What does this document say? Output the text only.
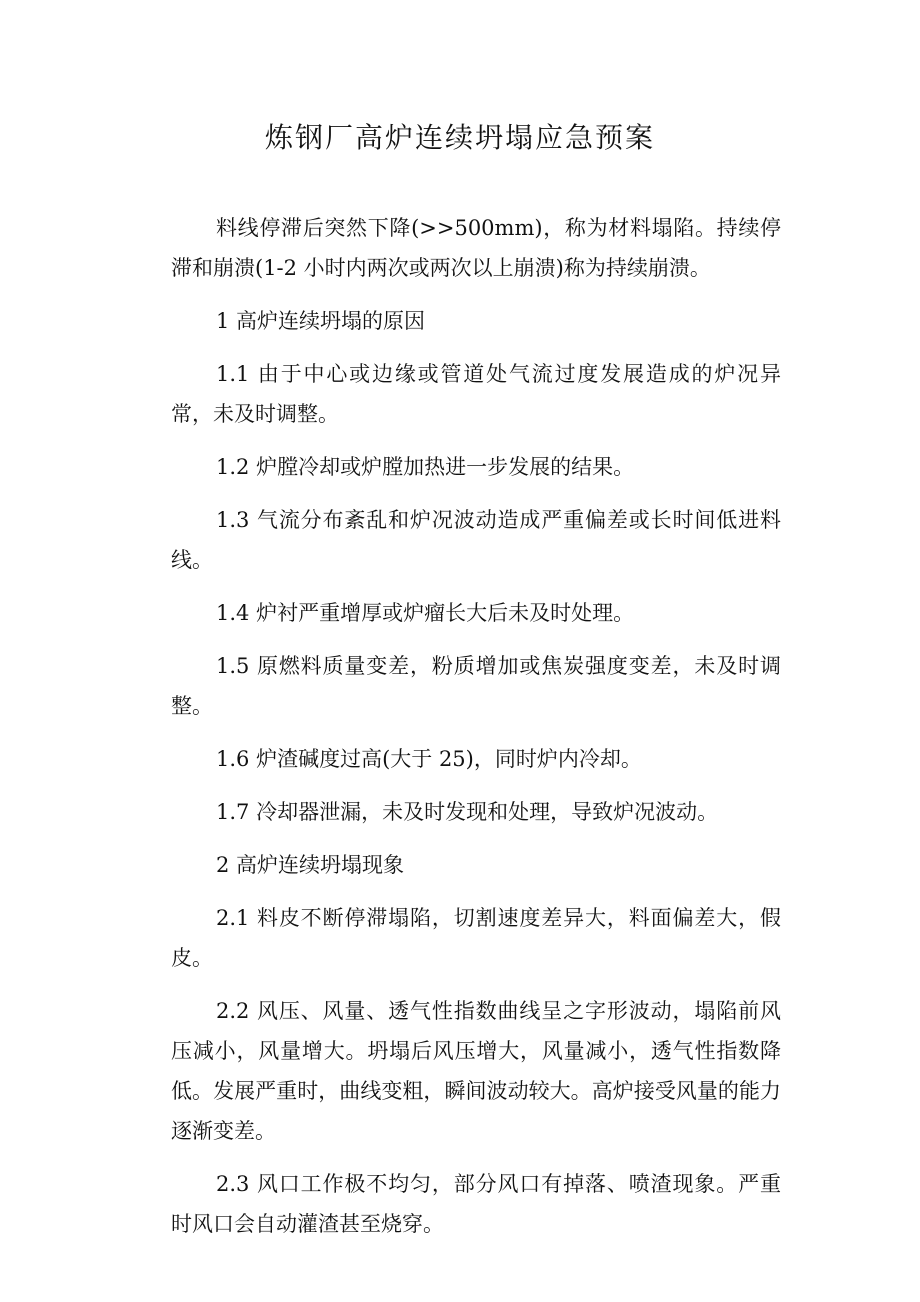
炼钢厂高炉连续坍塌应急预案

料线停滞后突然下降(>>500mm)，称为材料塌陷。持续停滞和崩溃(1-2 小时内两次或两次以上崩溃)称为持续崩溃。

1 高炉连续坍塌的原因

1.1 由于中心或边缘或管道处气流过度发展造成的炉况异常，未及时调整。

1.2 炉膛冷却或炉膛加热进一步发展的结果。

1.3 气流分布紊乱和炉况波动造成严重偏差或长时间低进料线。

1.4 炉衬严重增厚或炉瘤长大后未及时处理。

1.5 原燃料质量变差，粉质增加或焦炭强度变差，未及时调整。

1.6 炉渣碱度过高(大于 25)，同时炉内冷却。

1.7 冷却器泄漏，未及时发现和处理，导致炉况波动。

2 高炉连续坍塌现象

2.1 料皮不断停滞塌陷，切割速度差异大，料面偏差大，假皮。

2.2 风压、风量、透气性指数曲线呈之字形波动，塌陷前风压减小，风量增大。坍塌后风压增大，风量减小，透气性指数降低。发展严重时，曲线变粗，瞬间波动较大。高炉接受风量的能力逐渐变差。

2.3 风口工作极不均匀，部分风口有掉落、喷渣现象。严重时风口会自动灌渣甚至烧穿。
